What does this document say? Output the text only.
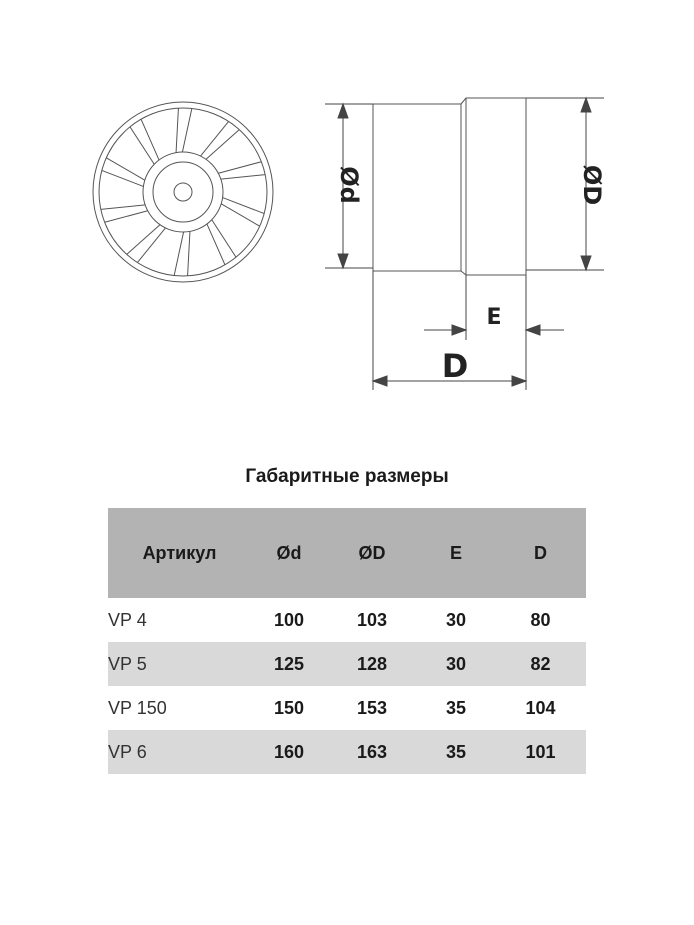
Ød	ØD
E
D
Габаритные размеры
Артикул	Ød	ØD	E	D
VP 4	100	103	30	80
VP 5	125	128	30	82
VP 150	150	153	35	104
VP 6	160	163	35	101
